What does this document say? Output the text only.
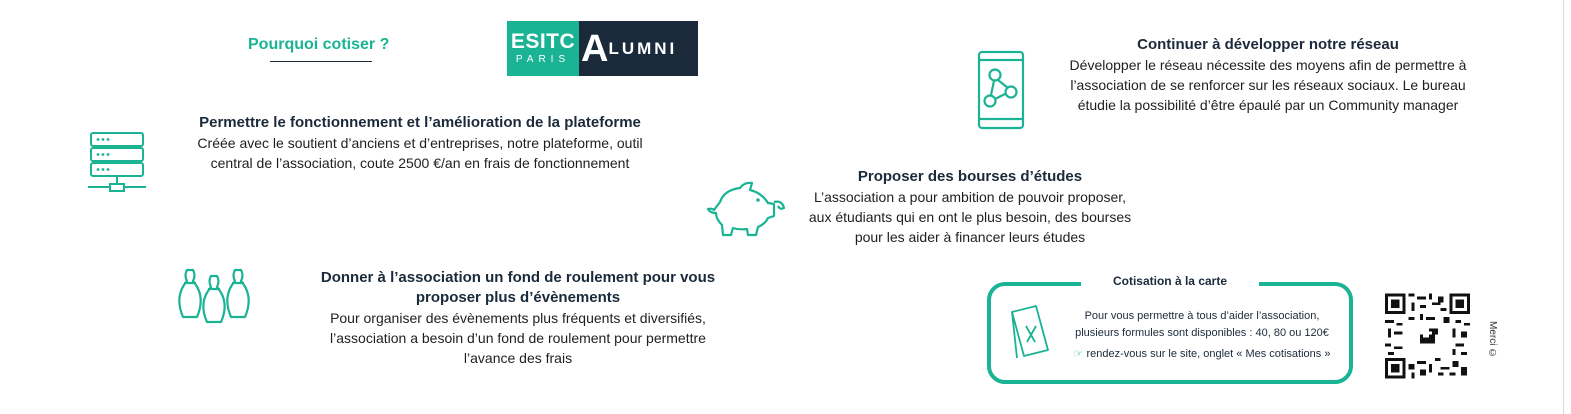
Pourquoi cotiser ?	ESITC
PARIS A LUMNI
Permettre le fonctionnement et l’amélioration de la plateforme
Créée avec le soutient d’anciens et d’entreprises, notre plateforme, outil
central de l’association, coute 2500 €/an en frais de fonctionnement
Donner à l’association un fond de roulement pour vous
proposer plus d’évènements
Pour organiser des évènements plus fréquents et diversifiés,
l’association a besoin d’un fond de roulement pour permettre
l’avance des frais
Proposer des bourses d’études
L’association a pour ambition de pouvoir proposer,
aux étudiants qui en ont le plus besoin, des bourses
pour les aider à financer leurs études
Continuer à développer notre réseau
Développer le réseau nécessite des moyens afin de permettre à
l’association de se renforcer sur les réseaux sociaux. Le bureau
étudie la possibilité d’être épaulé par un Community manager
Cotisation à la carte
Pour vous permettre à tous d’aider l’association,
plusieurs formules sont disponibles : 40, 80 ou 120€
☞ rendez-vous sur le site, onglet « Mes cotisations »	Merci ©
